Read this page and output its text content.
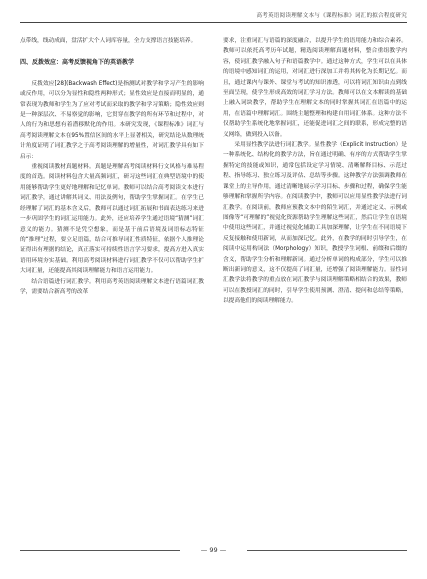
高考英语阅读理解文本与《课程标准》词汇的拟合程度研究

点带线，线动成面，盘活扩大个人词库容量，全力支撑语言技能培养。

四、反拨效应：高考反馈视角下的英语教学

反拨效应[28](Backwash Effect)是指测试对教学和学习产生的影响或反作用，可以分为显性和隐性两种形式；显性效应是直接而明显的，通常表现为教师和学生为了应对考试而采取的教学和学习策略；隐性效应则是一种深层次、不易察觉的影响，它贯穿在教学的所有环节和过程中，对人的行为和思想有着潜移默化的作用。本研究发现，《课程标准》词汇与高考阅读理解文本在95%置信区间的水平上显著相关，研究结论从数理统计角度证明了词汇教学之于高考阅读理解的增量性，对词汇教学具有如下启示：

重视阅读教材真题材料。真题是理解高考阅读材料行文风格与难易程度的首选。阅读材料包含大量高频词汇，研习这些词汇在典型语境中的使用能够帮助学生更好地理解和记忆单词。教师可以结合高考阅读文本进行词汇教学，通过讲解其词义、用法及例句，帮助学生掌握词汇。在学生已经理解了词汇的基本含义后，教师可以通过词汇拓展和书面表达练习来进一步巩固学生的词汇运用能力。此外，还应培养学生通过语境“猜测”词汇意义的能力。猜测不是凭空想象，而是基于前后语境及词语标志特征的“推理”过程，要立足语篇，结合可推导词汇性质特征，依据个人推理论证得出有理据的结论，真正落实可持续性语言学习要求，提高方进入真实语用环境夯实基础。利用高考阅读材料进行词汇教学不仅可以帮助学生扩大词汇量，还能提高其阅读理解能力和语言运用能力。

结合语篇进行词汇教学。利用高考英语阅读理解文本进行语篇词汇教学，需要结合新高考的改革

要求，注重词汇与语篇的深度融合，以提升学生的语用能力和综合素养。教师可以依托高考历年试题，精选阅读理解真题材料，整合重组教学内容，使词汇教学融入句子和语篇教学中。通过这种方式，学生可以在具体的语境中感知词汇的运用，对词汇进行深加工并将其转化为长期记忆。而且，通过课内与课外、课堂与考试的知识渗透，可以将词汇知识由点到线至面呈现，使学生形成高效的词汇学习方法。教师可以在文本解读的基础上融入词块教学，帮助学生在理解文本的同时掌握其词汇在语篇中的运用，在语篇中理解词汇。围绕主题整理和构建自用词汇体系。这种方法不仅帮助学生系统化地掌握词汇，还能促进词汇之间的联系，形成完整的语义网络，做到投入以备。

采用显性教学法进行词汇教学。显性教学（Explicit Instruction）是一种系统化、结构化的教学方法，旨在通过明确、有序的方式帮助学生掌握特定的技能或知识，通常包括设定学习情境、清晰解释目标、示范过程、指导练习、独立练习及评估、总结等步骤。这种教学方法强调教师在课堂上的主导作用，通过清晰地展示学习目标、步骤和过程，确保学生能够理解和掌握所学内容。在阅读教学中，教师可以应用显性教学法进行词汇教学。在阅读前，教师应预教文本中的陌生词汇，并通过定义、示例或图像等“可理解的”视觉化资源帮助学生理解这些词汇，然后让学生在语境中使用这些词汇，并通过视觉化辅助工具加深理解，让学生在不同语境下反复接触和使用新词，从而加深记忆。此外，在教学的同时引导学生，在阅读中运用构词法（Morphology）知识，教授学生词根、前缀和后缀的含义，帮助学生分析和理解新词。通过分析单词的构成部分，学生可以推断出新词的意义，这不仅提高了词汇量，还增强了阅读理解能力。显性词汇教学法将教学的重点放在词汇教学与阅读理解策略相结合的效果，教师可以在教授词汇的同时，引导学生使用预测、澄清、提问和总结等策略，以提高他们的阅读理解能力。

— 99 —
